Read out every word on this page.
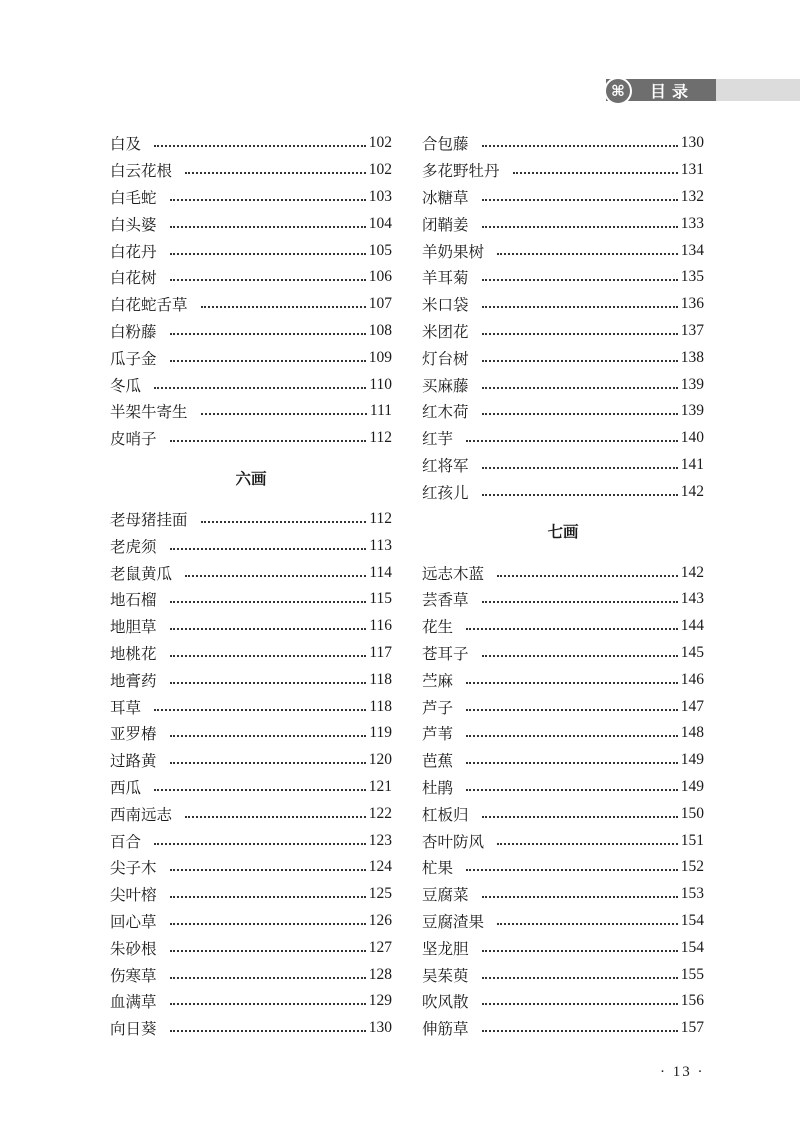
⌘	目录
白及	102
白云花根	102
白毛蛇	103
白头婆	104
白花丹	105
白花树	106
白花蛇舌草	107
白粉藤	108
瓜子金	109
冬瓜	110
半架牛寄生	111
皮哨子	112
六画
老母猪挂面	112
老虎须	113
老鼠黄瓜	114
地石榴	115
地胆草	116
地桃花	117
地膏药	118
耳草	118
亚罗椿	119
过路黄	120
西瓜	121
西南远志	122
百合	123
尖子木	124
尖叶榕	125
回心草	126
朱砂根	127
伤寒草	128
血满草	129
向日葵	130
合包藤	130
多花野牡丹	131
冰糖草	132
闭鞘姜	133
羊奶果树	134
羊耳菊	135
米口袋	136
米团花	137
灯台树	138
买麻藤	139
红木荷	139
红芋	140
红将军	141
红孩儿	142
七画
远志木蓝	142
芸香草	143
花生	144
苍耳子	145
苎麻	146
芦子	147
芦苇	148
芭蕉	149
杜鹃	149
杠板归	150
杏叶防风	151
杧果	152
豆腐菜	153
豆腐渣果	154
坚龙胆	154
吴茱萸	155
吹风散	156
伸筋草	157
· 13 ·
